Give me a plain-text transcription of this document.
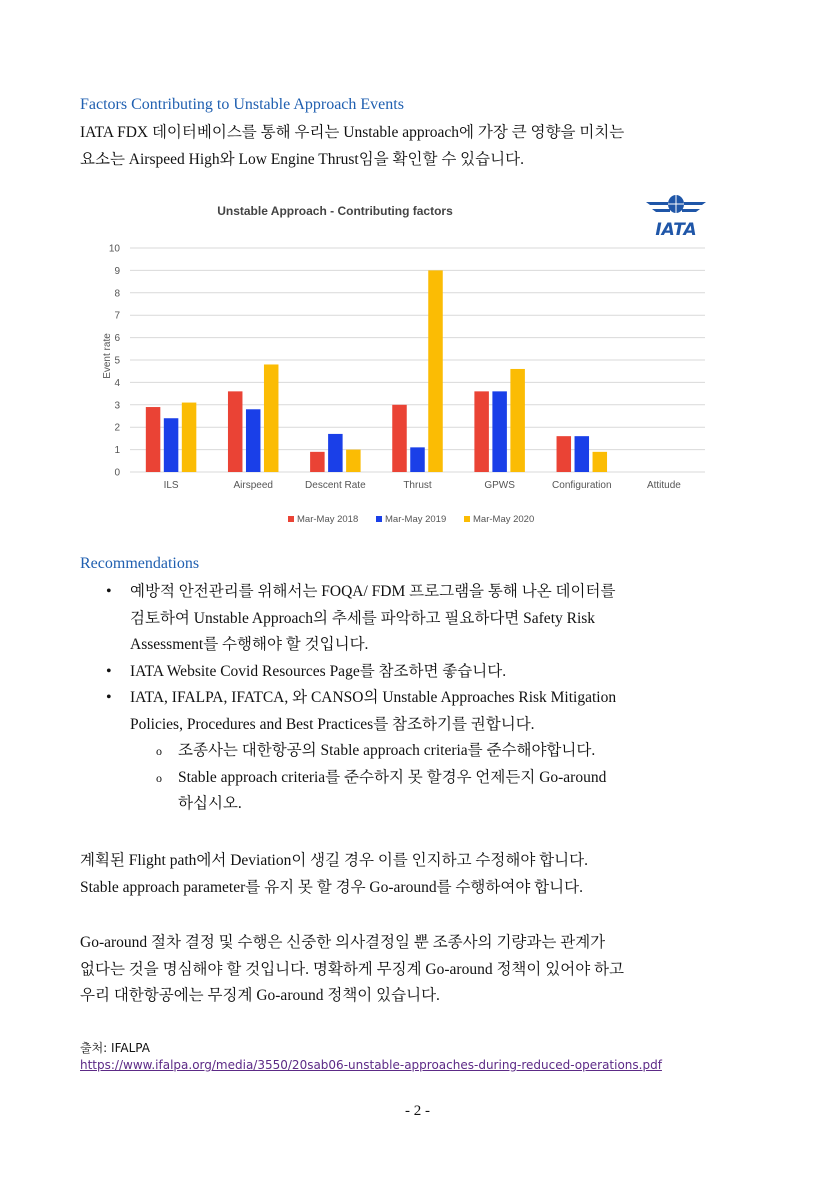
Factors Contributing to Unstable Approach Events
IATA FDX 데이터베이스를 통해 우리는 Unstable approach에 가장 큰 영향을 미치는
요소는 Airspeed High와 Low Engine Thrust임을 확인할 수 있습니다.
0
1
2
3
4
5
6
7
8
9
10
ILS	Airspeed	Descent Rate	Thrust	GPWS	Configuration	Attitude
Mar-May 2018	Mar-May 2019	Mar-May 2020
Unstable Approach - Contributing factors
Event rate
IATA
Recommendations
• 예방적 안전관리를 위해서는 FOQA/ FDM 프로그램을 통해 나온 데이터를
검토하여 Unstable Approach의 추세를 파악하고 필요하다면 Safety Risk
Assessment를 수행해야 할 것입니다.
• IATA Website Covid Resources Page를 참조하면 좋습니다.
• IATA, IFALPA, IFATCA, 와 CANSO의 Unstable Approaches Risk Mitigation
Policies, Procedures and Best Practices를 참조하기를 권합니다.
o 조종사는 대한항공의 Stable approach criteria를 준수해야합니다.
o Stable approach criteria를 준수하지 못 할경우 언제든지 Go-around
하십시오.
계획된 Flight path에서 Deviation이 생길 경우 이를 인지하고 수정해야 합니다.
Stable approach parameter를 유지 못 할 경우 Go-around를 수행하여야 합니다.
Go-around 절차 결정 및 수행은 신중한 의사결정일 뿐 조종사의 기량과는 관계가
없다는 것을 명심해야 할 것입니다. 명확하게 무징계 Go-around 정책이 있어야 하고
우리 대한항공에는 무징계 Go-around 정책이 있습니다.
출처: IFALPA
https://www.ifalpa.org/media/3550/20sab06-unstable-approaches-during-reduced-operations.pdf
- 2 -
